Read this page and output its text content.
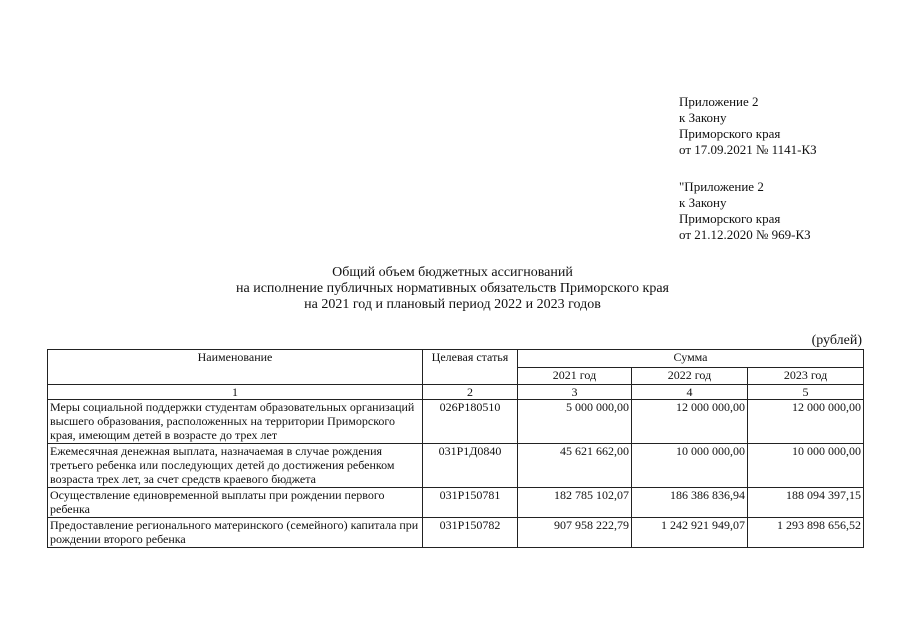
Приложение 2
к Закону
Приморского края
от 17.09.2021 № 1141-КЗ
"Приложение 2
к Закону
Приморского края
от 21.12.2020 № 969-КЗ
Общий объем бюджетных ассигнований
на исполнение публичных нормативных обязательств Приморского края
на 2021 год и плановый период 2022 и 2023 годов
(рублей)
Наименование	Целевая статья	Сумма		
		2021 год	2022 год	2023 год
1	2	3	4	5
Меры социальной поддержки студентам образовательных организаций высшего образования, расположенных на территории Приморского края, имеющим детей в возрасте до трех лет	026Р180510	5 000 000,00	12 000 000,00	12 000 000,00
Ежемесячная денежная выплата, назначаемая в случае рождения третьего ребенка или последующих детей до достижения ребенком возраста трех лет, за счет средств краевого бюджета	031Р1Д0840	45 621 662,00	10 000 000,00	10 000 000,00
Осуществление единовременной выплаты при рождении первого ребенка	031Р150781	182 785 102,07	186 386 836,94	188 094 397,15
Предоставление регионального материнского (семейного) капитала при рождении второго ребенка	031Р150782	907 958 222,79	1 242 921 949,07	1 293 898 656,52
